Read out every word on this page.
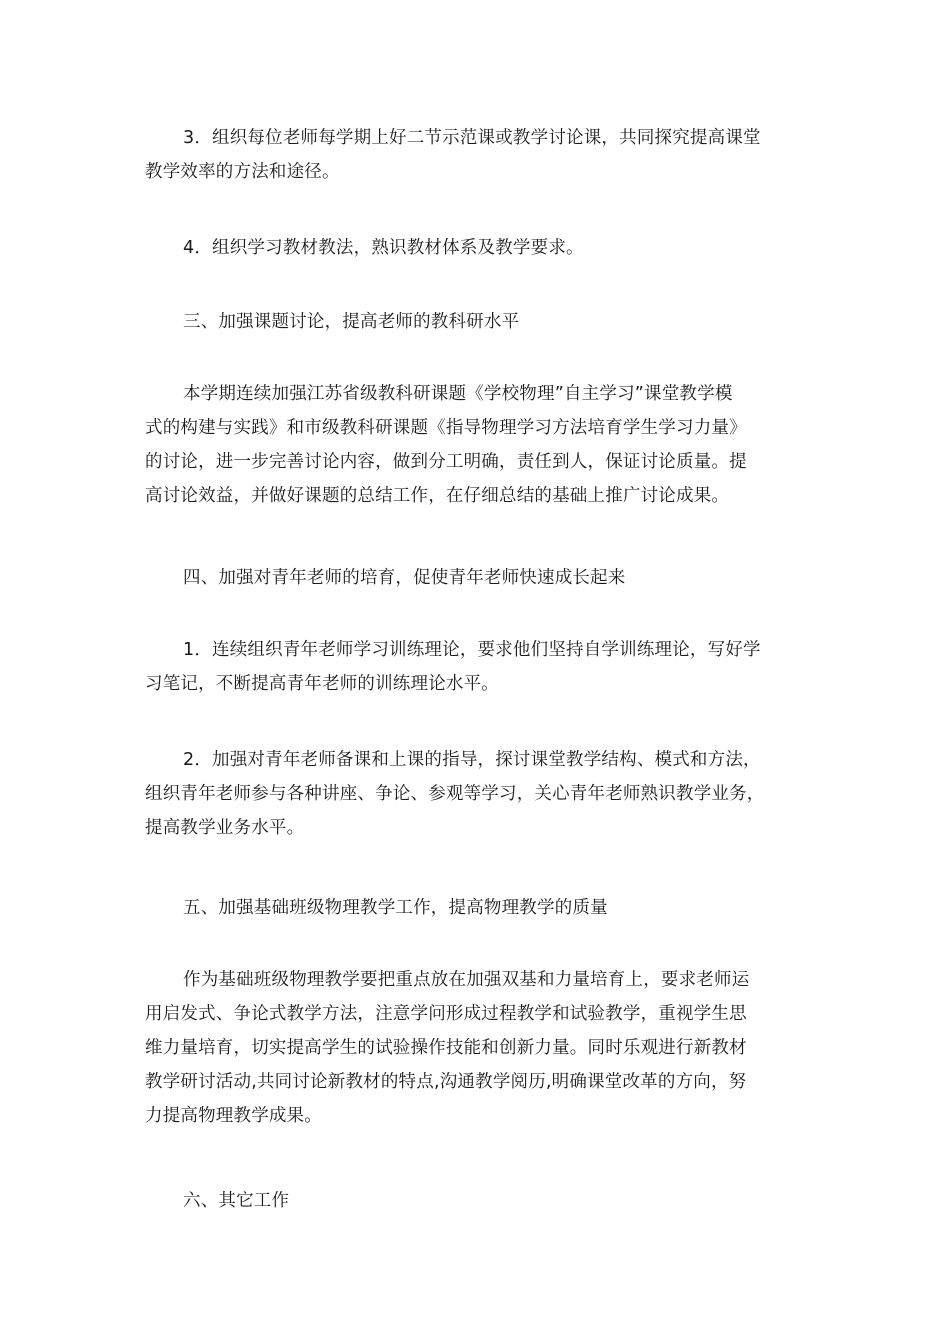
3．组织每位老师每学期上好二节示范课或教学讨论课，共同探究提高课堂
教学效率的方法和途径。

4．组织学习教材教法，熟识教材体系及教学要求。

三、加强课题讨论，提高老师的教科研水平

本学期连续加强江苏省级教科研课题《学校物理”自主学习”课堂教学模
式的构建与实践》和市级教科研课题《指导物理学习方法培育学生学习力量》
的讨论，进一步完善讨论内容，做到分工明确，责任到人，保证讨论质量。提
高讨论效益，并做好课题的总结工作，在仔细总结的基础上推广讨论成果。

四、加强对青年老师的培育，促使青年老师快速成长起来

1．连续组织青年老师学习训练理论，要求他们坚持自学训练理论，写好学
习笔记，不断提高青年老师的训练理论水平。

2．加强对青年老师备课和上课的指导，探讨课堂教学结构、模式和方法，
组织青年老师参与各种讲座、争论、参观等学习，关心青年老师熟识教学业务，
提高教学业务水平。

五、加强基础班级物理教学工作，提高物理教学的质量

作为基础班级物理教学要把重点放在加强双基和力量培育上，要求老师运
用启发式、争论式教学方法，注意学问形成过程教学和试验教学，重视学生思
维力量培育，切实提高学生的试验操作技能和创新力量。同时乐观进行新教材
教学研讨活动,共同讨论新教材的特点,沟通教学阅历,明确课堂改革的方向，努
力提高物理教学成果。

六、其它工作
